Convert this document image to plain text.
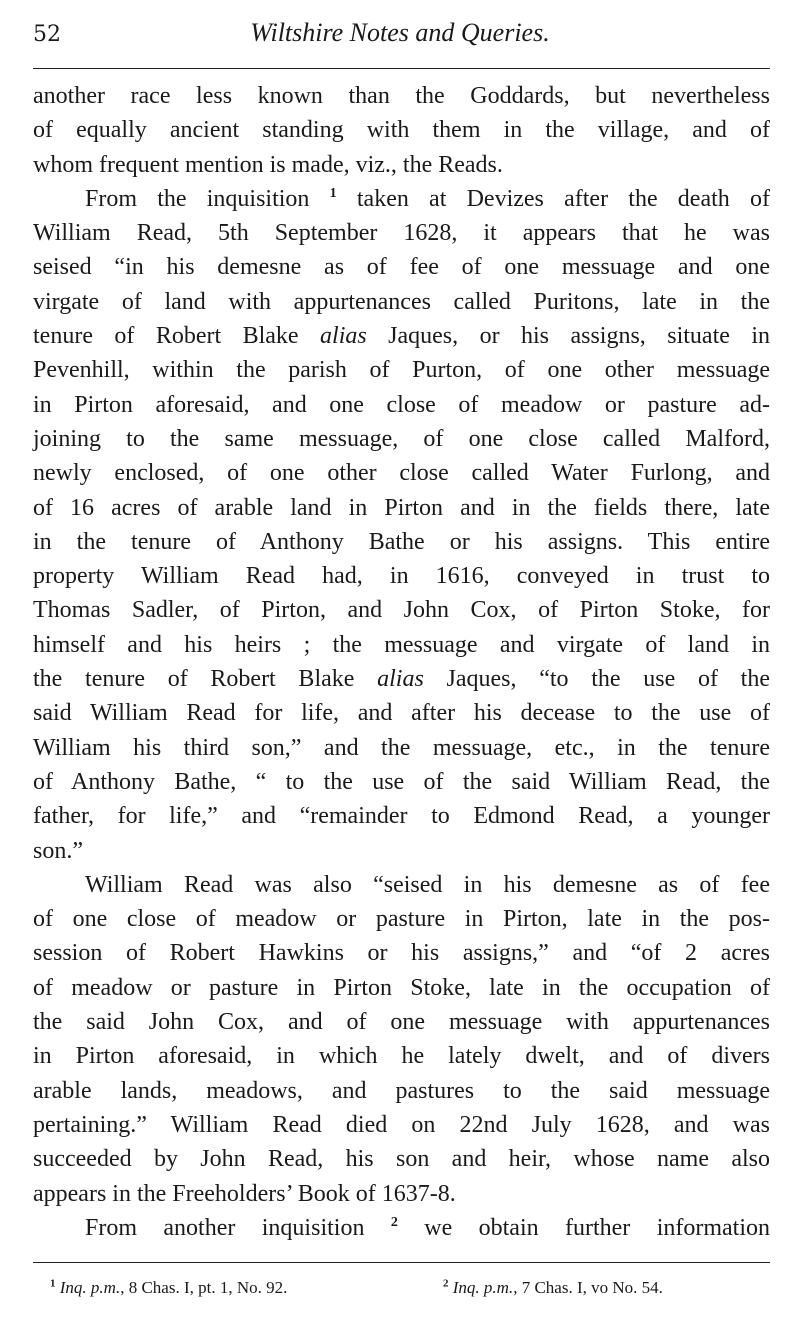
52	Wiltshire Notes and Queries.
another race less known than the Goddards, but nevertheless
of equally ancient standing with them in the village, and of
whom frequent mention is made, viz., the Reads.
From the inquisition $^1$ taken at Devizes after the death of
William Read, 5th September 1628, it appears that he was
seised “in his demesne as of fee of one messuage and one
virgate of land with appurtenances called Puritons, late in the
tenure of Robert Blake alias Jaques, or his assigns, situate in
Pevenhill, within the parish of Purton, of one other messuage
in Pirton aforesaid, and one close of meadow or pasture ad-
joining to the same messuage, of one close called Malford,
newly enclosed, of one other close called Water Furlong, and
of 16 acres of arable land in Pirton and in the fields there, late
in the tenure of Anthony Bathe or his assigns. This entire
property William Read had, in 1616, conveyed in trust to
Thomas Sadler, of Pirton, and John Cox, of Pirton Stoke, for
himself and his heirs ; the messuage and virgate of land in
the tenure of Robert Blake alias Jaques, “to the use of the
said William Read for life, and after his decease to the use of
William his third son,” and the messuage, etc., in the tenure
of Anthony Bathe, “ to the use of the said William Read, the
father, for life,” and “remainder to Edmond Read, a younger
son.”
William Read was also “seised in his demesne as of fee
of one close of meadow or pasture in Pirton, late in the pos-
session of Robert Hawkins or his assigns,” and “of 2 acres
of meadow or pasture in Pirton Stoke, late in the occupation of
the said John Cox, and of one messuage with appurtenances
in Pirton aforesaid, in which he lately dwelt, and of divers
arable lands, meadows, and pastures to the said messuage
pertaining.” William Read died on 22nd July 1628, and was
succeeded by John Read, his son and heir, whose name also
appears in the Freeholders’ Book of 1637-8.
From another inquisition $^2$ we obtain further information
$^1$ Inq. p.m., 8 Chas. I, pt. 1, No. 92.	$^2$ Inq. p.m., 7 Chas. I, vo No. 54.
